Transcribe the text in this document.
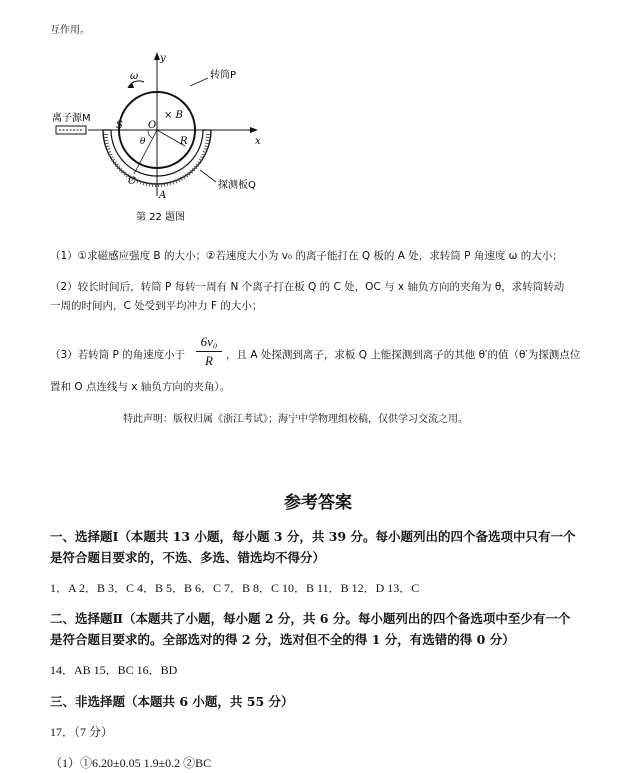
互作用。
y
x
ω	转筒P
离子源M
S	O
× B
θ	R
C
A
探测板Q
第 22 题图
（1）①求磁感应强度 B 的大小；②若速度大小为 v₀ 的离子能打在 Q 板的 A 处，求转筒 P 角速度 ω 的大小；
（2）较长时间后，转筒 P 每转一周有 N 个离子打在板 Q 的 C 处，OC 与 x 轴负方向的夹角为 θ，求转筒转动
一周的时间内，C 处受到平均冲力 F 的大小；
（3）若转筒 P 的角速度小于
6v₀
R	，且 A 处探测到离子，求板 Q 上能探测到离子的其他 θ′的值（θ′为探测点位
置和 O 点连线与 x 轴负方向的夹角）。
特此声明：版权归属《浙江考试》；海宁中学物理组校稿，仅供学习交流之用。
参考答案
一、选择题Ⅰ（本题共 13 小题，每小题 3 分，共 39 分。每小题列出的四个备选项中只有一个
是符合题目要求的，不选、多选、错选均不得分）
1．A 2．B 3．C 4．B 5．B 6．C 7．B 8．C 10．B 11．B 12．D 13．C
二、选择题Ⅱ（本题共了小题，每小题 2 分，共 6 分。每小题列出的四个备选项中至少有一个
是符合题目要求的。全部选对的得 2 分，选对但不全的得 1 分，有选错的得 0 分）
14．AB 15．BC 16．BD
三、非选择题（本题共 6 小题，共 55 分）
17．（7 分）
（1）①6.20±0.05 1.9±0.2 ②BC
